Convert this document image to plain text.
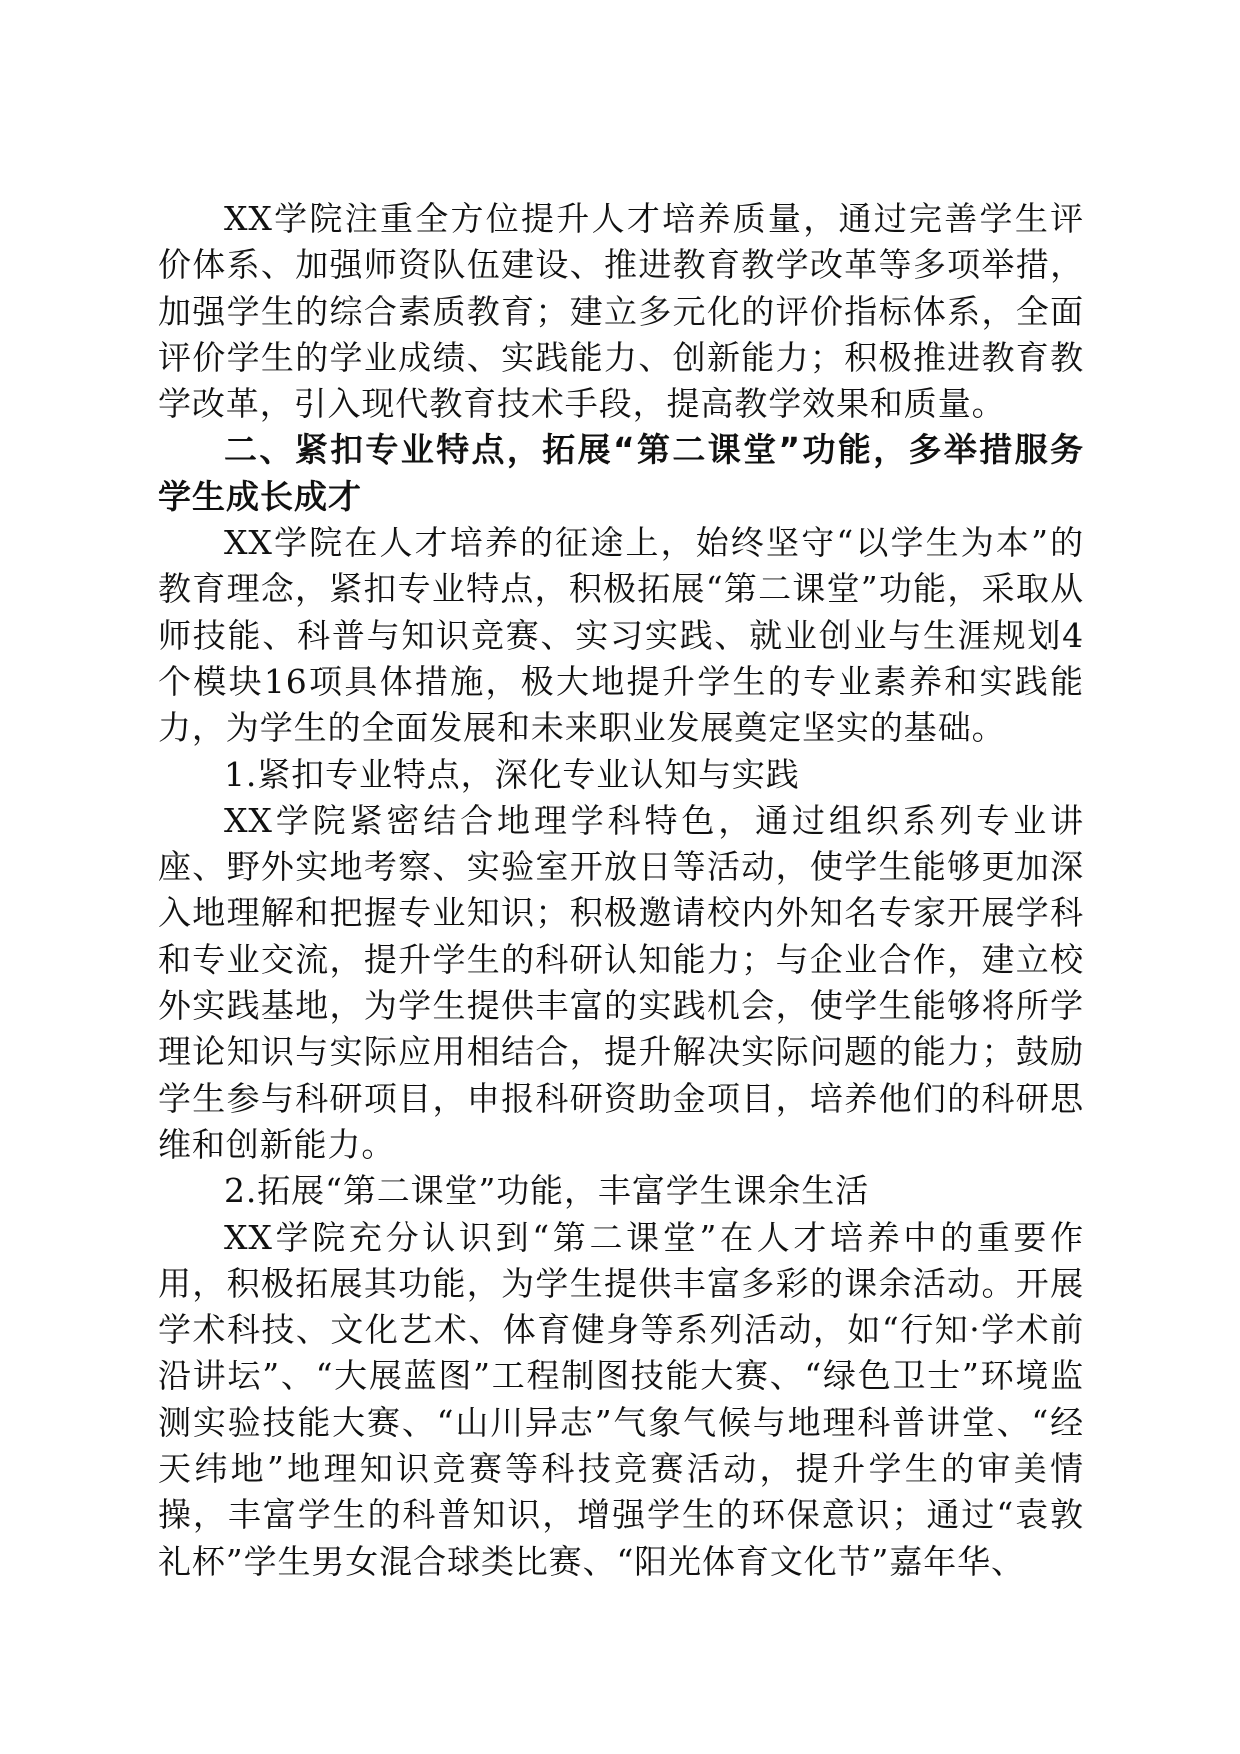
XX学院注重全方位提升人才培养质量，通过完善学生评价体系、加强师资队伍建设、推进教育教学改革等多项举措，加强学生的综合素质教育；建立多元化的评价指标体系，全面评价学生的学业成绩、实践能力、创新能力；积极推进教育教学改革，引入现代教育技术手段，提高教学效果和质量。

二、紧扣专业特点，拓展“第二课堂”功能，多举措服务学生成长成才

XX学院在人才培养的征途上，始终坚守“以学生为本”的教育理念，紧扣专业特点，积极拓展“第二课堂”功能，采取从师技能、科普与知识竞赛、实习实践、就业创业与生涯规划4个模块16项具体措施，极大地提升学生的专业素养和实践能力，为学生的全面发展和未来职业发展奠定坚实的基础。

1.紧扣专业特点，深化专业认知与实践

XX学院紧密结合地理学科特色，通过组织系列专业讲座、野外实地考察、实验室开放日等活动，使学生能够更加深入地理解和把握专业知识；积极邀请校内外知名专家开展学科和专业交流，提升学生的科研认知能力；与企业合作，建立校外实践基地，为学生提供丰富的实践机会，使学生能够将所学理论知识与实际应用相结合，提升解决实际问题的能力；鼓励学生参与科研项目，申报科研资助金项目，培养他们的科研思维和创新能力。

2.拓展“第二课堂”功能，丰富学生课余生活

XX学院充分认识到“第二课堂”在人才培养中的重要作用，积极拓展其功能，为学生提供丰富多彩的课余活动。开展学术科技、文化艺术、体育健身等系列活动，如“行知·学术前沿讲坛”、“大展蓝图”工程制图技能大赛、“绿色卫士”环境监测实验技能大赛、“山川异志”气象气候与地理科普讲堂、“经天纬地”地理知识竞赛等科技竞赛活动，提升学生的审美情操，丰富学生的科普知识，增强学生的环保意识；通过“袁敦礼杯”学生男女混合球类比赛、“阳光体育文化节”嘉年华、
